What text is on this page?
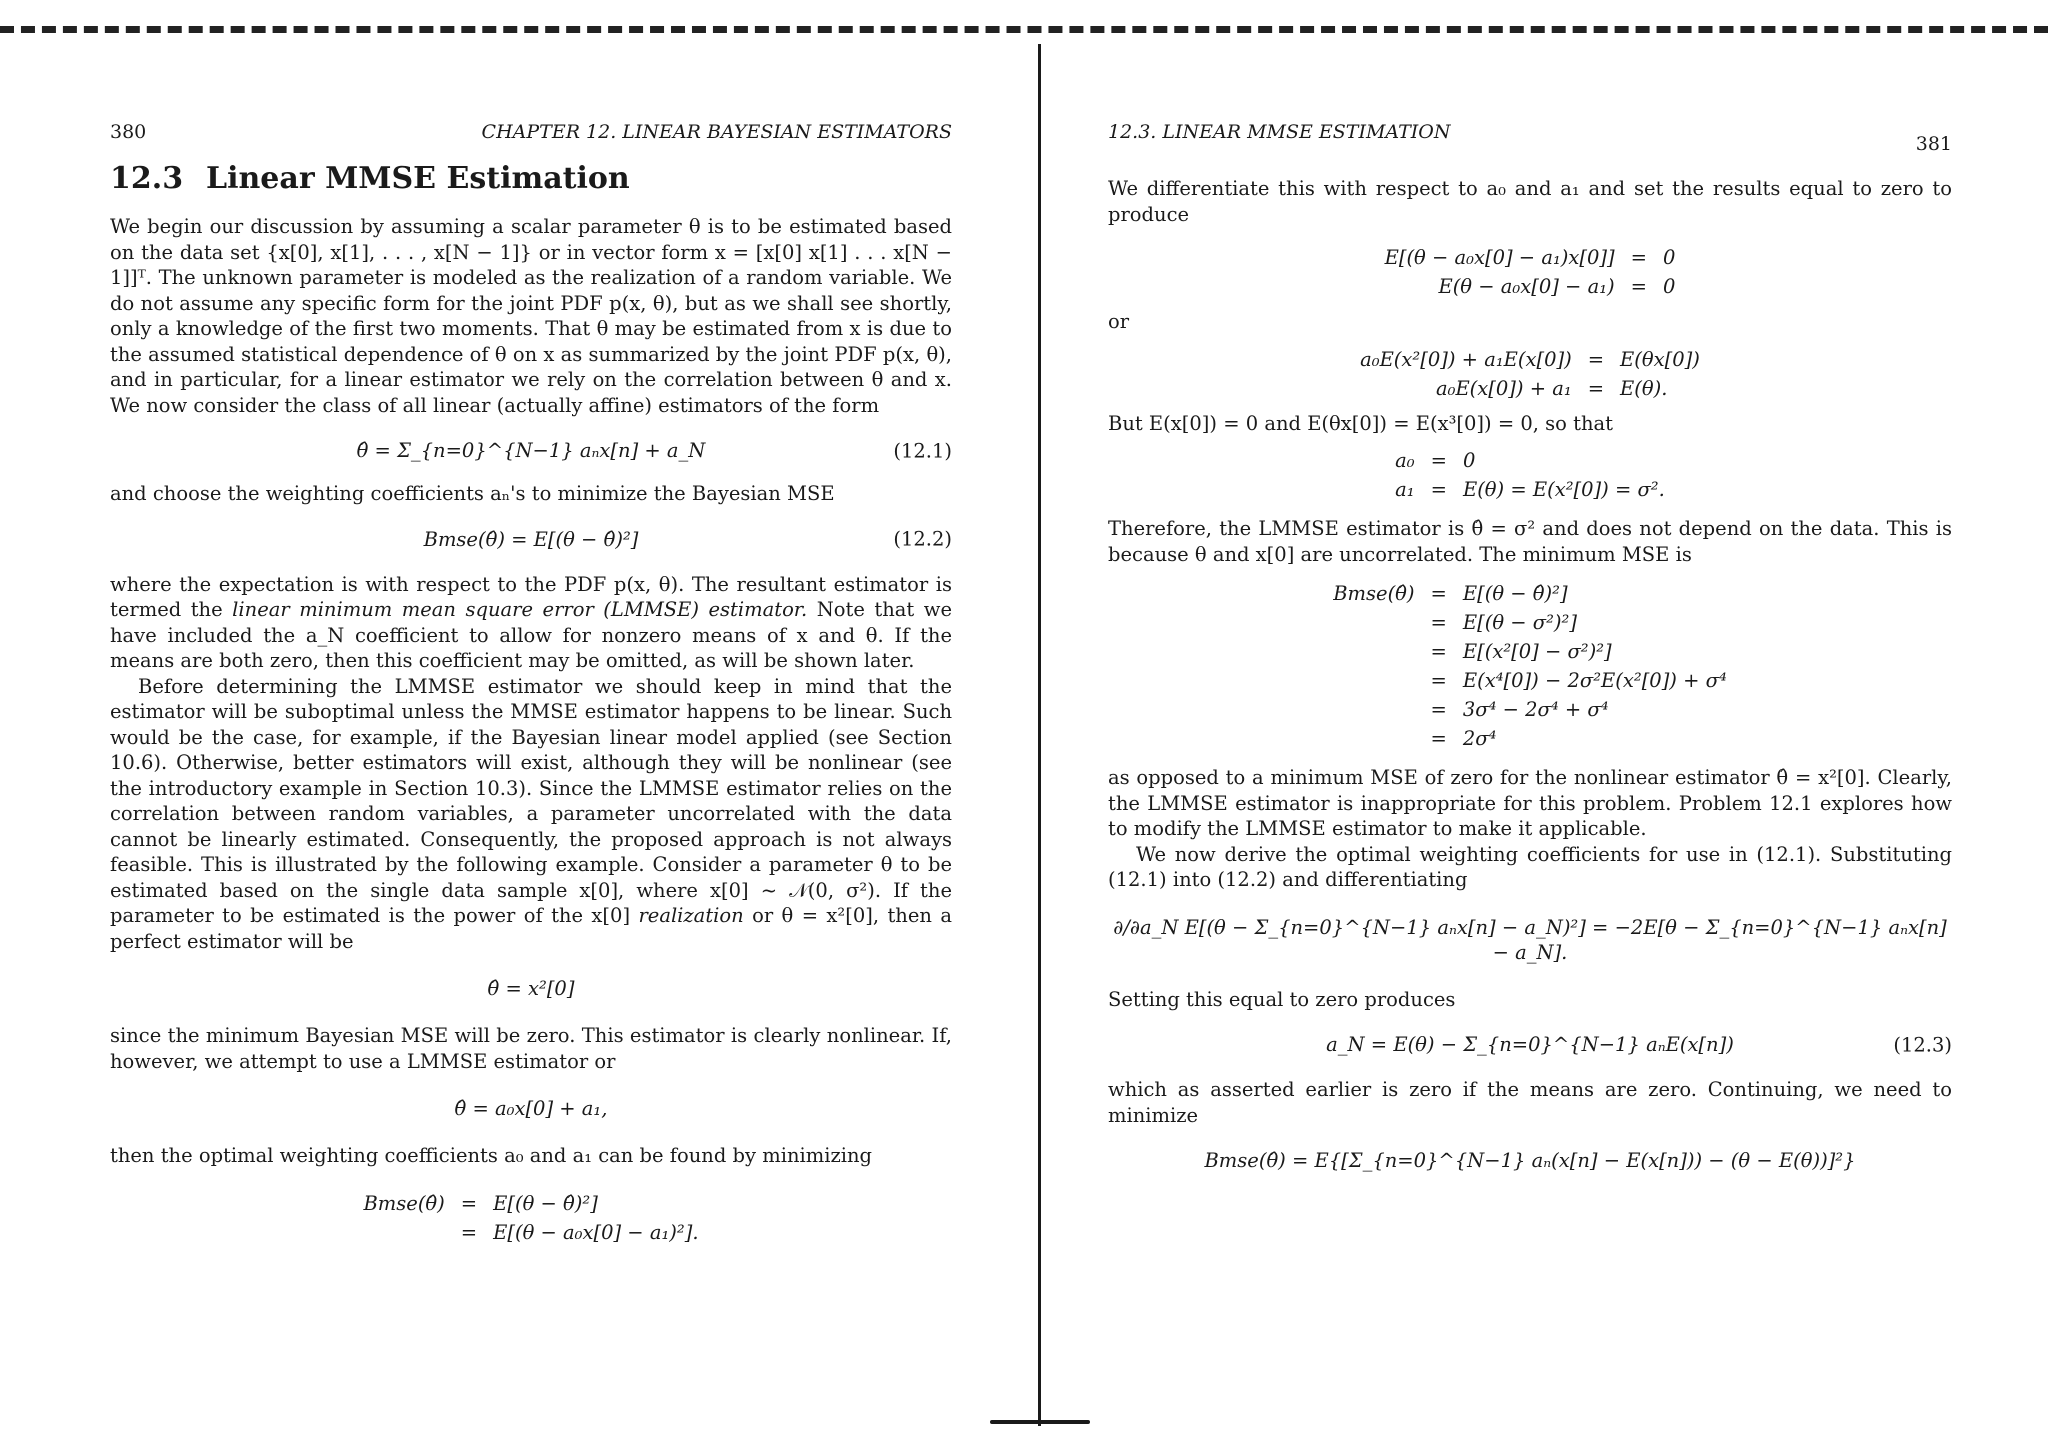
380	CHAPTER 12. LINEAR BAYESIAN ESTIMATORS
12.3 Linear MMSE Estimation

We begin our discussion by assuming a scalar parameter θ is to be estimated based on the data set {x[0], x[1], . . . , x[N − 1]} or in vector form x = [x[0] x[1] . . . x[N − 1]]ᵀ. The unknown parameter is modeled as the realization of a random variable. We do not assume any specific form for the joint PDF p(x, θ), but as we shall see shortly, only a knowledge of the first two moments. That θ may be estimated from x is due to the assumed statistical dependence of θ on x as summarized by the joint PDF p(x, θ), and in particular, for a linear estimator we rely on the correlation between θ and x. We now consider the class of all linear (actually affine) estimators of the form

θ̂ = Σ_{n=0}^{N−1} aₙx[n] + a_N	(12.1)

and choose the weighting coefficients aₙ's to minimize the Bayesian MSE

Bmse(θ̂) = E[(θ − θ̂)²]	(12.2)

where the expectation is with respect to the PDF p(x, θ). The resultant estimator is termed the linear minimum mean square error (LMMSE) estimator. Note that we have included the a_N coefficient to allow for nonzero means of x and θ. If the means are both zero, then this coefficient may be omitted, as will be shown later.

Before determining the LMMSE estimator we should keep in mind that the estimator will be suboptimal unless the MMSE estimator happens to be linear. Such would be the case, for example, if the Bayesian linear model applied (see Section 10.6). Otherwise, better estimators will exist, although they will be nonlinear (see the introductory example in Section 10.3). Since the LMMSE estimator relies on the correlation between random variables, a parameter uncorrelated with the data cannot be linearly estimated. Consequently, the proposed approach is not always feasible. This is illustrated by the following example. Consider a parameter θ to be estimated based on the single data sample x[0], where x[0] ~ 𝒩(0, σ²). If the parameter to be estimated is the power of the x[0] realization or θ = x²[0], then a perfect estimator will be

θ̂ = x²[0]

since the minimum Bayesian MSE will be zero. This estimator is clearly nonlinear. If, however, we attempt to use a LMMSE estimator or

θ̂ = a₀x[0] + a₁,

then the optimal weighting coefficients a₀ and a₁ can be found by minimizing

Bmse(θ̂) = E[(θ − θ̂)²]
= E[(θ − a₀x[0] − a₁)²].
12.3. LINEAR MMSE ESTIMATION
381

We differentiate this with respect to a₀ and a₁ and set the results equal to zero to produce

E[(θ − a₀x[0] − a₁)x[0]] = 0
E(θ − a₀x[0] − a₁) = 0

or

a₀E(x²[0]) + a₁E(x[0]) = E(θx[0])
a₀E(x[0]) + a₁ = E(θ).

But E(x[0]) = 0 and E(θx[0]) = E(x³[0]) = 0, so that

a₀ = 0
a₁ = E(θ) = E(x²[0]) = σ².

Therefore, the LMMSE estimator is θ̂ = σ² and does not depend on the data. This is because θ and x[0] are uncorrelated. The minimum MSE is

Bmse(θ̂) = E[(θ − θ̂)²]
= E[(θ − σ²)²]
= E[(x²[0] − σ²)²]
= E(x⁴[0]) − 2σ²E(x²[0]) + σ⁴
= 3σ⁴ − 2σ⁴ + σ⁴
= 2σ⁴

as opposed to a minimum MSE of zero for the nonlinear estimator θ̂ = x²[0]. Clearly, the LMMSE estimator is inappropriate for this problem. Problem 12.1 explores how to modify the LMMSE estimator to make it applicable.

We now derive the optimal weighting coefficients for use in (12.1). Substituting (12.1) into (12.2) and differentiating

∂/∂a_N E[(θ − Σ_{n=0}^{N−1} aₙx[n] − a_N)²] = −2E[θ − Σ_{n=0}^{N−1} aₙx[n] − a_N].

Setting this equal to zero produces

a_N = E(θ) − Σ_{n=0}^{N−1} aₙE(x[n])	(12.3)

which as asserted earlier is zero if the means are zero. Continuing, we need to minimize

Bmse(θ̂) = E{[Σ_{n=0}^{N−1} aₙ(x[n] − E(x[n])) − (θ − E(θ))]²}
